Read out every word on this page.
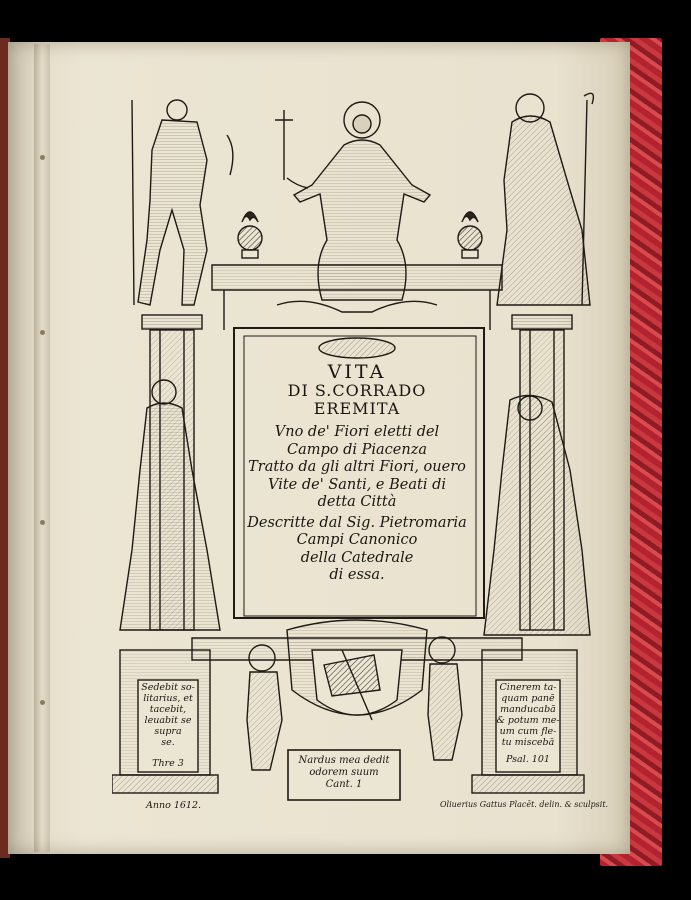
VITA
DI S.CORRADO
EREMITA
Vno de' Fiori eletti del
Campo di Piacenza
Tratto da gli altri Fiori, ouero
Vite de' Santi, e Beati di
detta Città
Descritte dal Sig. Pietromaria
Campi Canonico
della Catedrale
di essa.
Sedebit so-
litarius, et
tacebit,
leuabit se
supra
se.
Thre 3
Cinerem ta-
quam panē
manducabā
& potum me-
um cum fle-
tu miscebā
Psal. 101
Nardus mea dedit
odorem suum
Cant. 1
Anno 1612.	Oliuerius Gattus Placēt. delin. & sculpsit.
